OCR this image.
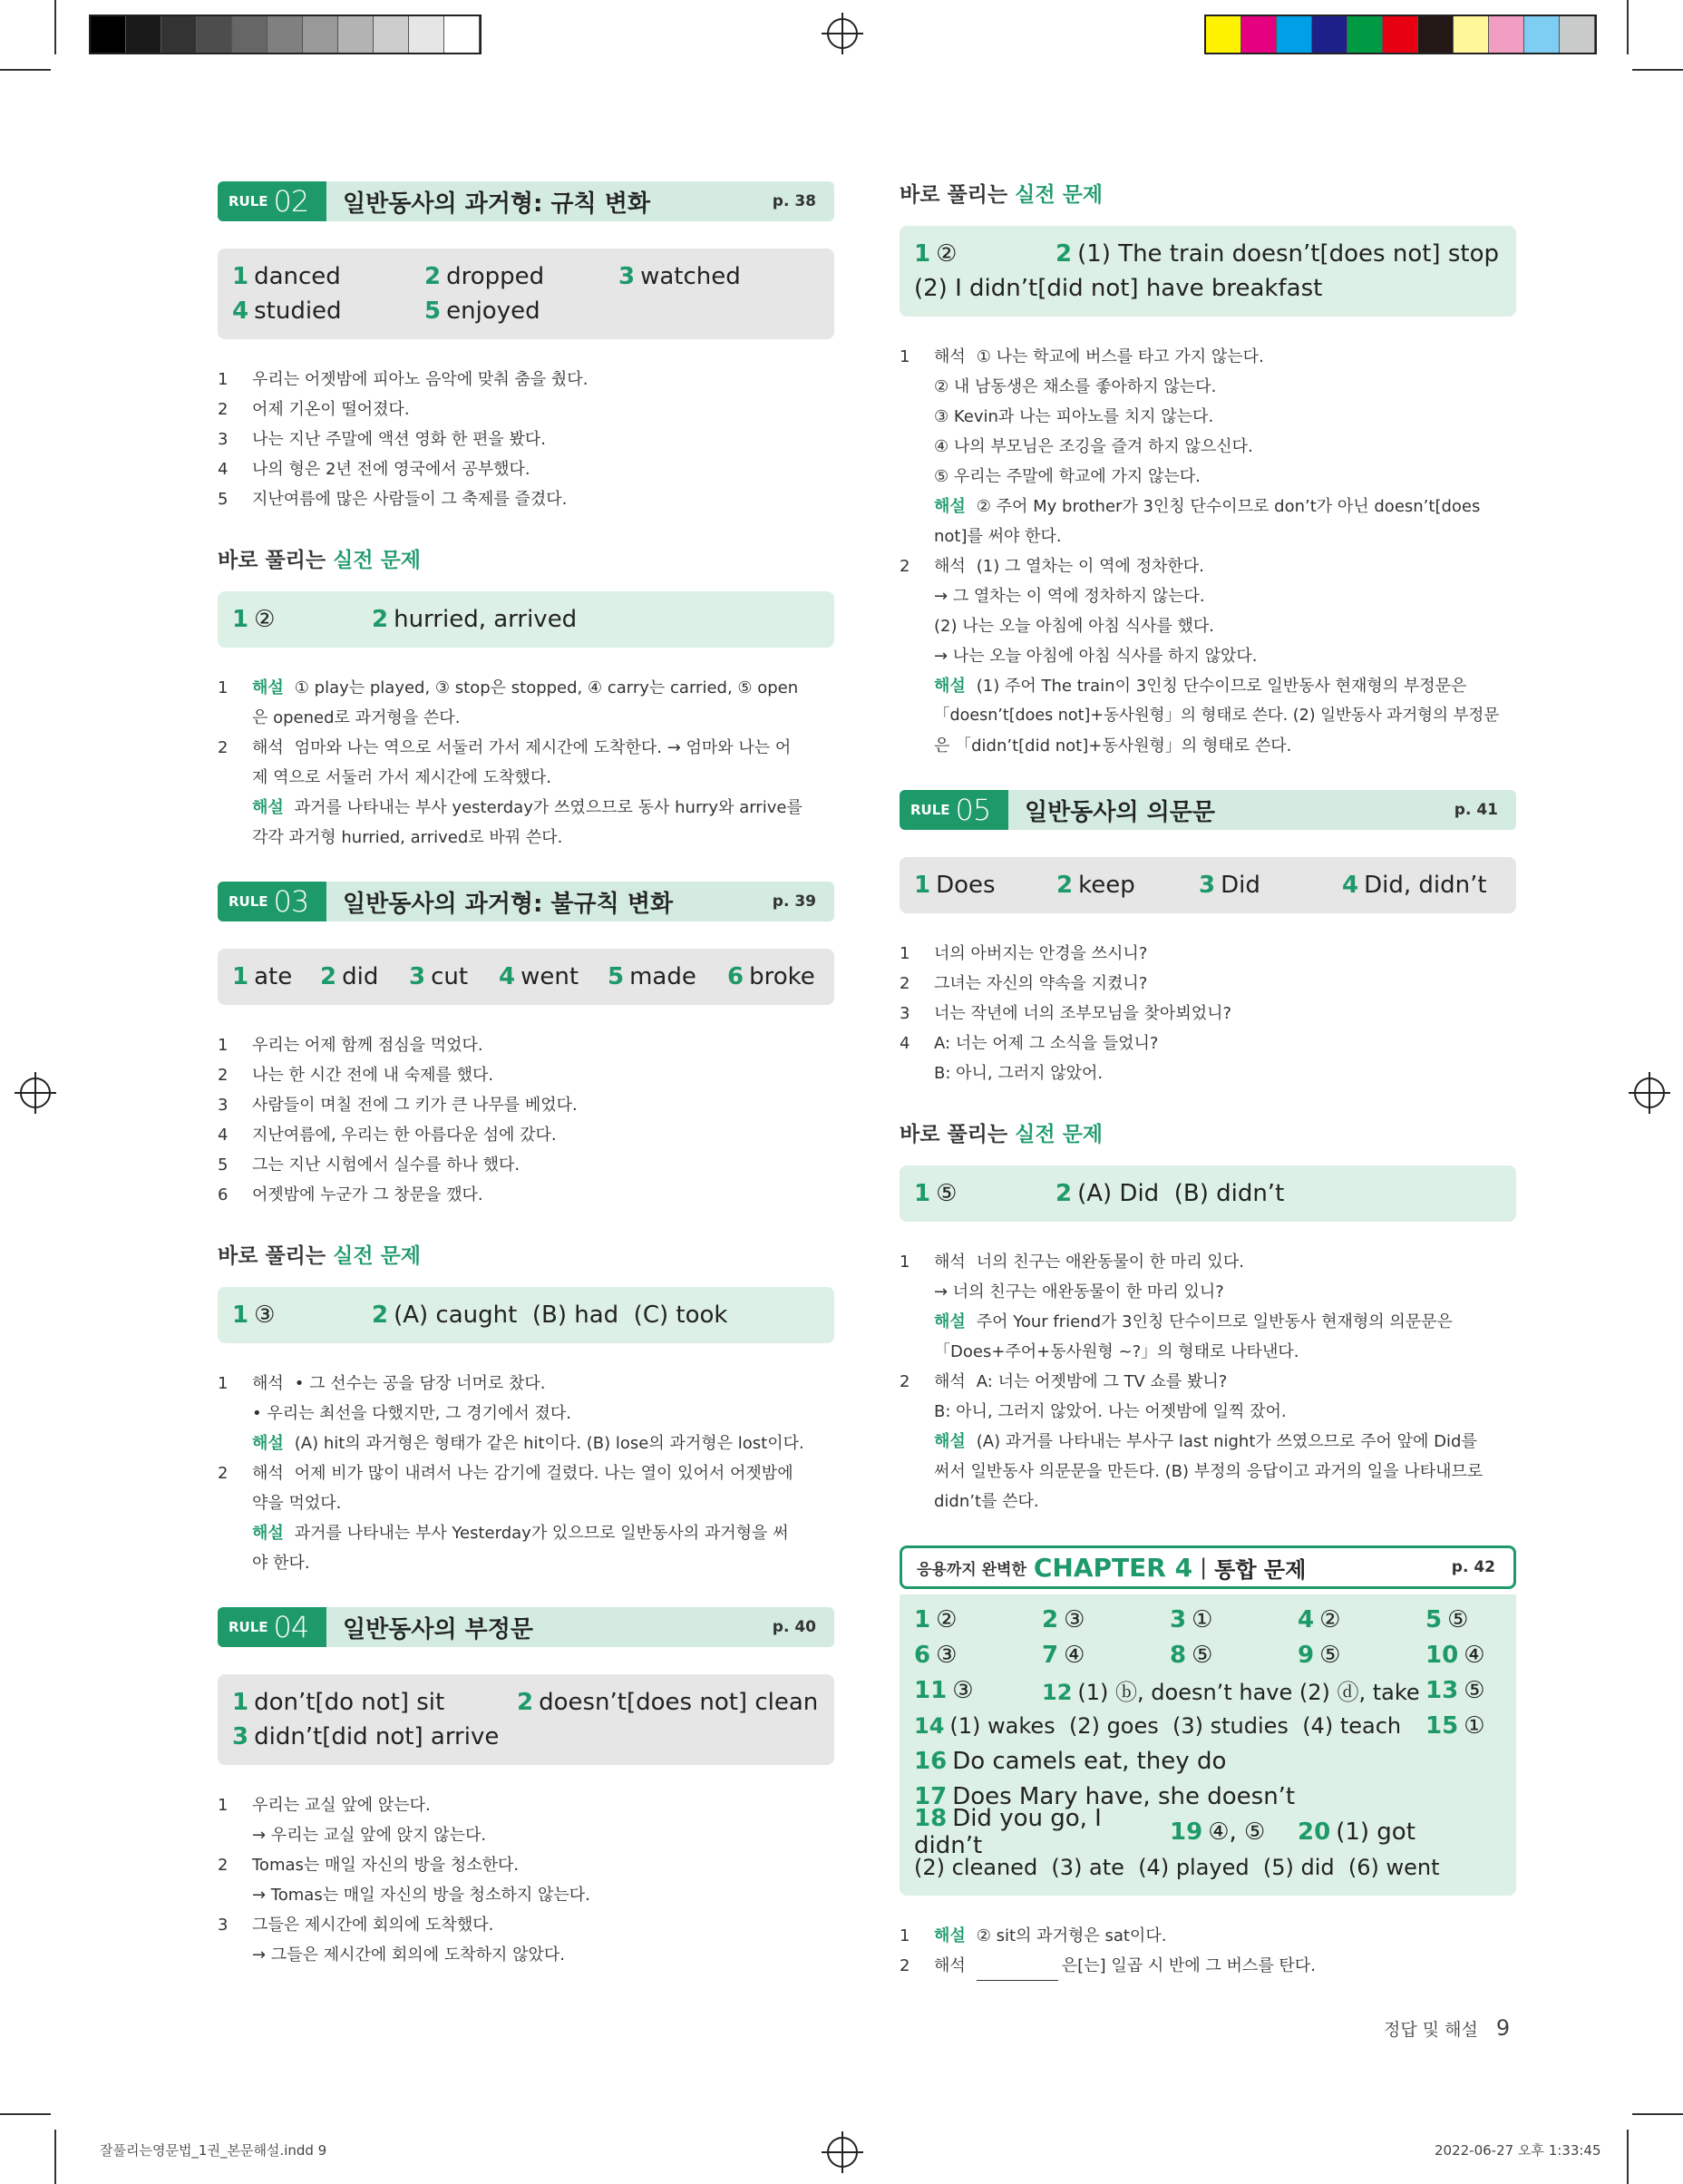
RULE 02 일반동사의 과거형: 규칙 변화	p. 38
1 danced	2 dropped	3 watched
4 studied	5 enjoyed
1	우리는 어젯밤에 피아노 음악에 맞춰 춤을 췄다.
2	어제 기온이 떨어졌다.
3	나는 지난 주말에 액션 영화 한 편을 봤다.
4	나의 형은 2년 전에 영국에서 공부했다.
5	지난여름에 많은 사람들이 그 축제를 즐겼다.
바로 풀리는 실전 문제
1 ②	2 hurried, arrived
1	해설 ① play는 played, ③ stop은 stopped, ④ carry는 carried, ⑤ open
은 opened로 과거형을 쓴다.
2	해석 엄마와 나는 역으로 서둘러 가서 제시간에 도착한다. → 엄마와 나는 어
제 역으로 서둘러 가서 제시간에 도착했다.
해설 과거를 나타내는 부사 yesterday가 쓰였으므로 동사 hurry와 arrive를
각각 과거형 hurried, arrived로 바꿔 쓴다.
RULE 03 일반동사의 과거형: 불규칙 변화	p. 39
1 ate	2 did	3 cut	4 went	5 made	6 broke
1	우리는 어제 함께 점심을 먹었다.
2	나는 한 시간 전에 내 숙제를 했다.
3	사람들이 며칠 전에 그 키가 큰 나무를 베었다.
4	지난여름에, 우리는 한 아름다운 섬에 갔다.
5	그는 지난 시험에서 실수를 하나 했다.
6	어젯밤에 누군가 그 창문을 깼다.
바로 풀리는 실전 문제
1 ③	2 (A) caught  (B) had  (C) took
1	해석 • 그 선수는 공을 담장 너머로 찼다.
• 우리는 최선을 다했지만, 그 경기에서 졌다.
해설 (A) hit의 과거형은 형태가 같은 hit이다. (B) lose의 과거형은 lost이다.
2	해석 어제 비가 많이 내려서 나는 감기에 걸렸다. 나는 열이 있어서 어젯밤에
약을 먹었다.
해설 과거를 나타내는 부사 Yesterday가 있으므로 일반동사의 과거형을 써
야 한다.
RULE 04 일반동사의 부정문	p. 40
1 don’t[do not] sit	2 doesn’t[does not] clean
3 didn’t[did not] arrive
1	우리는 교실 앞에 앉는다.
→ 우리는 교실 앞에 앉지 않는다.
2	Tomas는 매일 자신의 방을 청소한다.
→ Tomas는 매일 자신의 방을 청소하지 않는다.
3	그들은 제시간에 회의에 도착했다.
→ 그들은 제시간에 회의에 도착하지 않았다.
바로 풀리는 실전 문제
1 ②	2 (1) The train doesn’t[does not] stop
(2) I didn’t[did not] have breakfast
1	해석 ① 나는 학교에 버스를 타고 가지 않는다.
② 내 남동생은 채소를 좋아하지 않는다.
③ Kevin과 나는 피아노를 치지 않는다.
④ 나의 부모님은 조깅을 즐겨 하지 않으신다.
⑤ 우리는 주말에 학교에 가지 않는다.
해설 ② 주어 My brother가 3인칭 단수이므로 don’t가 아닌 doesn’t[does
not]를 써야 한다.
2	해석 (1) 그 열차는 이 역에 정차한다.
→ 그 열차는 이 역에 정차하지 않는다.
(2) 나는 오늘 아침에 아침 식사를 했다.
→ 나는 오늘 아침에 아침 식사를 하지 않았다.
해설 (1) 주어 The train이 3인칭 단수이므로 일반동사 현재형의 부정문은
「doesn’t[does not]+동사원형」의 형태로 쓴다. (2) 일반동사 과거형의 부정문
은 「didn’t[did not]+동사원형」의 형태로 쓴다.
RULE 05 일반동사의 의문문	p. 41
1 Does	2 keep	3 Did	4 Did, didn’t
1	너의 아버지는 안경을 쓰시니?
2	그녀는 자신의 약속을 지켰니?
3	너는 작년에 너의 조부모님을 찾아뵈었니?
4	A: 너는 어제 그 소식을 들었니?
B: 아니, 그러지 않았어.
바로 풀리는 실전 문제
1 ⑤	2 (A) Did  (B) didn’t
1	해석 너의 친구는 애완동물이 한 마리 있다.
→ 너의 친구는 애완동물이 한 마리 있니?
해설 주어 Your friend가 3인칭 단수이므로 일반동사 현재형의 의문문은
「Does+주어+동사원형 ~?」의 형태로 나타낸다.
2	해석 A: 너는 어젯밤에 그 TV 쇼를 봤니?
B: 아니, 그러지 않았어. 나는 어젯밤에 일찍 잤어.
해설 (A) 과거를 나타내는 부사구 last night가 쓰였으므로 주어 앞에 Did를
써서 일반동사 의문문을 만든다. (B) 부정의 응답이고 과거의 일을 나타내므로
didn’t를 쓴다.
응용까지 완벽한 CHAPTER 4 | 통합 문제	p. 42
1 ②	2 ③	3 ①	4 ②	5 ⑤
6 ③	7 ④	8 ⑤	9 ⑤	10 ④
11 ③	12 (1) ⓑ, doesn’t have (2) ⓓ, take 13 ⑤
14 (1) wakes  (2) goes  (3) studies  (4) teach	15 ①
16 Do camels eat, they do
17 Does Mary have, she doesn’t
18 Did you go, I didn’t	19 ④, ⑤	20 (1) got
(2) cleaned  (3) ate  (4) played  (5) did  (6) went
1	해설 ② sit의 과거형은 sat이다.
2	해석	은[는] 일곱 시 반에 그 버스를 탄다.
정답 및 해설 9
잘풀리는영문법_1권_본문해설.indd 9	2022-06-27 오후 1:33:45
